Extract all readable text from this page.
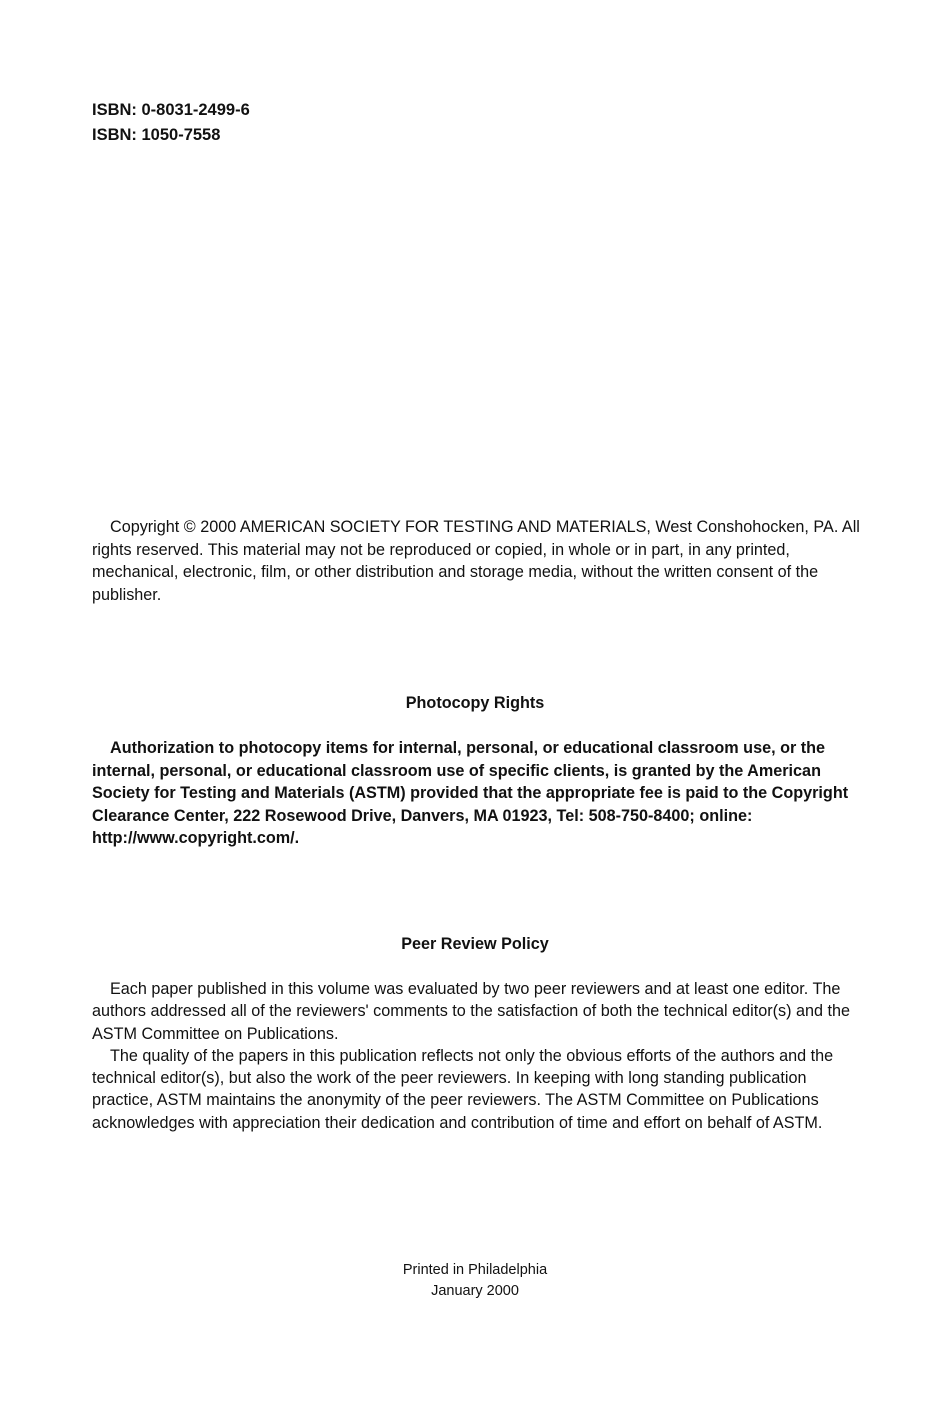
ISBN: 0-8031-2499-6
ISBN: 1050-7558
Copyright © 2000 AMERICAN SOCIETY FOR TESTING AND MATERIALS, West Conshohocken, PA. All rights reserved. This material may not be reproduced or copied, in whole or in part, in any printed, mechanical, electronic, film, or other distribution and storage media, without the written consent of the publisher.
Photocopy Rights
Authorization to photocopy items for internal, personal, or educational classroom use, or the internal, personal, or educational classroom use of specific clients, is granted by the American Society for Testing and Materials (ASTM) provided that the appropriate fee is paid to the Copyright Clearance Center, 222 Rosewood Drive, Danvers, MA 01923, Tel: 508-750-8400; online: http://www.copyright.com/.
Peer Review Policy

Each paper published in this volume was evaluated by two peer reviewers and at least one editor. The authors addressed all of the reviewers' comments to the satisfaction of both the technical editor(s) and the ASTM Committee on Publications.

The quality of the papers in this publication reflects not only the obvious efforts of the authors and the technical editor(s), but also the work of the peer reviewers. In keeping with long standing publication practice, ASTM maintains the anonymity of the peer reviewers. The ASTM Committee on Publications acknowledges with appreciation their dedication and contribution of time and effort on behalf of ASTM.

Printed in Philadelphia
January 2000
